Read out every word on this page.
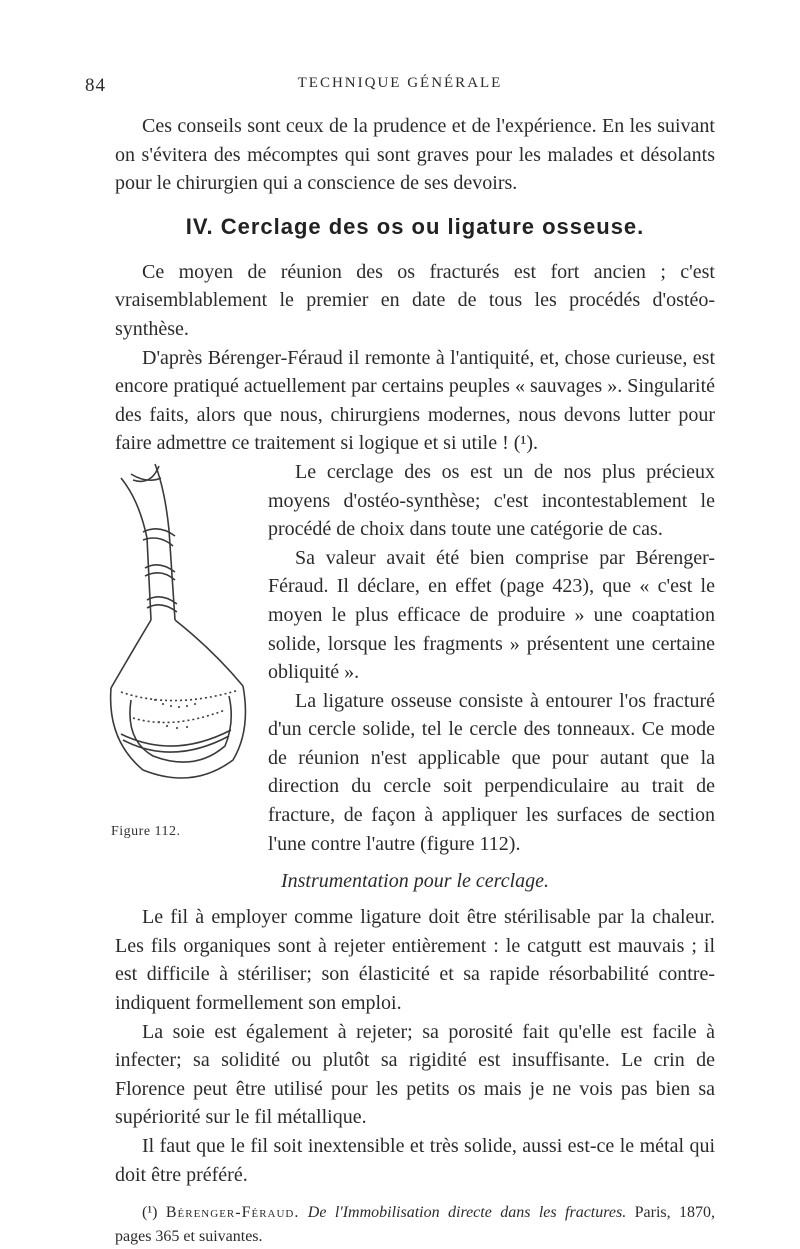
84	TECHNIQUE GÉNÉRALE

Ces conseils sont ceux de la prudence et de l'expérience. En les suivant on s'évitera des mécomptes qui sont graves pour les malades et désolants pour le chirurgien qui a conscience de ses devoirs.

IV. Cerclage des os ou ligature osseuse.

Ce moyen de réunion des os fracturés est fort ancien ; c'est vraisemblablement le premier en date de tous les procédés d'ostéo-synthèse.

D'après Bérenger-Féraud il remonte à l'antiquité, et, chose curieuse, est encore pratiqué actuellement par certains peuples « sauvages ». Singularité des faits, alors que nous, chirurgiens modernes, nous devons lutter pour faire admettre ce traitement si logique et si utile ! (¹).

Figure 112.

Le cerclage des os est un de nos plus précieux moyens d'ostéo-synthèse; c'est incontestablement le procédé de choix dans toute une catégorie de cas.

Sa valeur avait été bien comprise par Bérenger-Féraud. Il déclare, en effet (page 423), que « c'est le moyen le plus efficace de produire » une coaptation solide, lorsque les fragments » présentent une certaine obliquité ».

La ligature osseuse consiste à entourer l'os fracturé d'un cercle solide, tel le cercle des tonneaux. Ce mode de réunion n'est applicable que pour autant que la direction du cercle soit perpendiculaire au trait de fracture, de façon à appliquer les surfaces de section l'une contre l'autre (figure 112).

Instrumentation pour le cerclage.

Le fil à employer comme ligature doit être stérilisable par la chaleur. Les fils organiques sont à rejeter entièrement : le catgutt est mauvais ; il est difficile à stériliser; son élasticité et sa rapide résorbabilité contre-indiquent formellement son emploi.

La soie est également à rejeter; sa porosité fait qu'elle est facile à infecter; sa solidité ou plutôt sa rigidité est insuffisante. Le crin de Florence peut être utilisé pour les petits os mais je ne vois pas bien sa supériorité sur le fil métallique.

Il faut que le fil soit inextensible et très solide, aussi est-ce le métal qui doit être préféré.

(¹) Bérenger-Féraud. De l'Immobilisation directe dans les fractures. Paris, 1870, pages 365 et suivantes.
